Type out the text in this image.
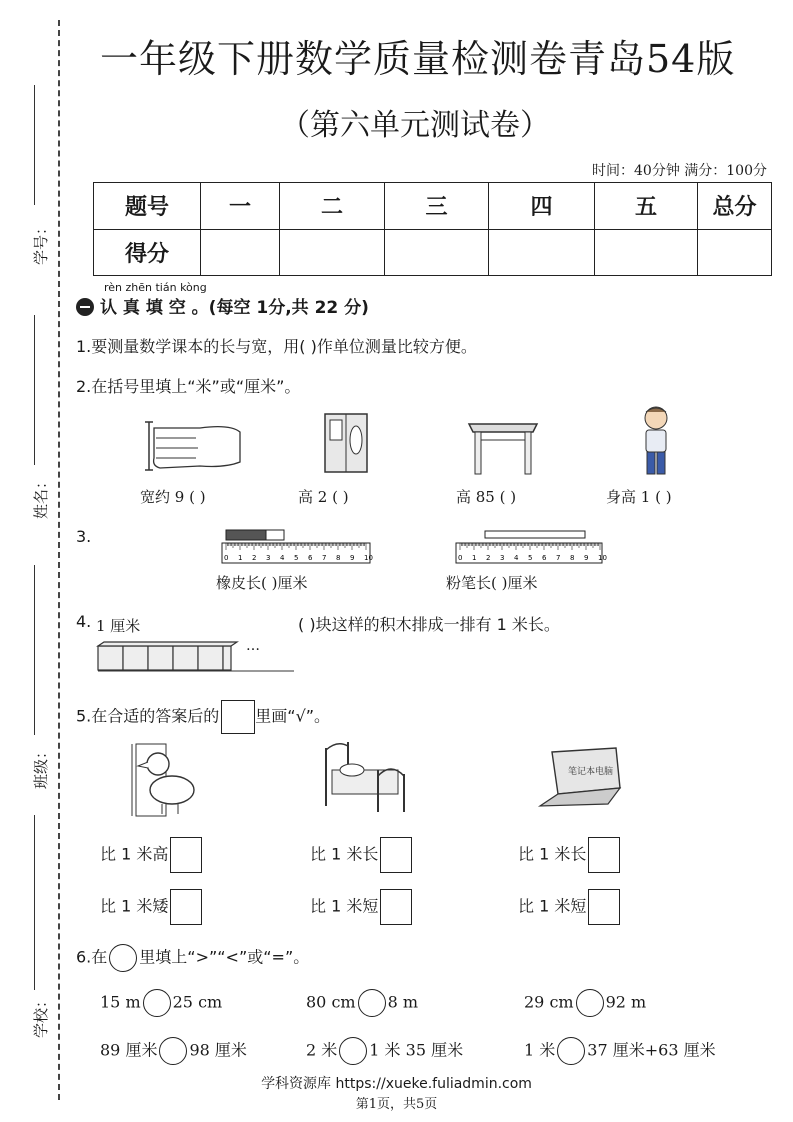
学号：
姓名：
班级：
学校：
一年级下册数学质量检测卷青岛54版
（第六单元测试卷）
时间：40分钟 满分：100分
题号	一	二	三	四	五	总分
得分						
rèn zhēn tián kòng
认 真 填 空 。(每空 1分,共 22 分)
1.要测量数学课本的长与宽，用( )作单位测量比较方便。
2.在括号里填上“米”或“厘米”。
宽约 9 ( )	高 2 ( )	高 85 ( )	身高 1 ( )
3.
0 1 2 3 4 5 6 7 8 9 10	0 1 2 3 4 5 6 7 8 9 10
橡皮长( )厘米	粉笔长( )厘米
4. 1 厘米
…
( )块这样的积木排成一排有 1 米长。
5.在合适的答案后的 里画“√”。
笔记本电脑
比 1 米高
比 1 米矮
比 1 米长
比 1 米短
比 1 米长
比 1 米短
6.在 里填上“>”“<”或“=”。
15 m 25 cm	80 cm 8 m	29 cm 92 m
89 厘米 98 厘米	2 米 1 米 35 厘米	1 米 37 厘米+63 厘米
学科资源库 https://xueke.fuliadmin.com
第1页，共5页
